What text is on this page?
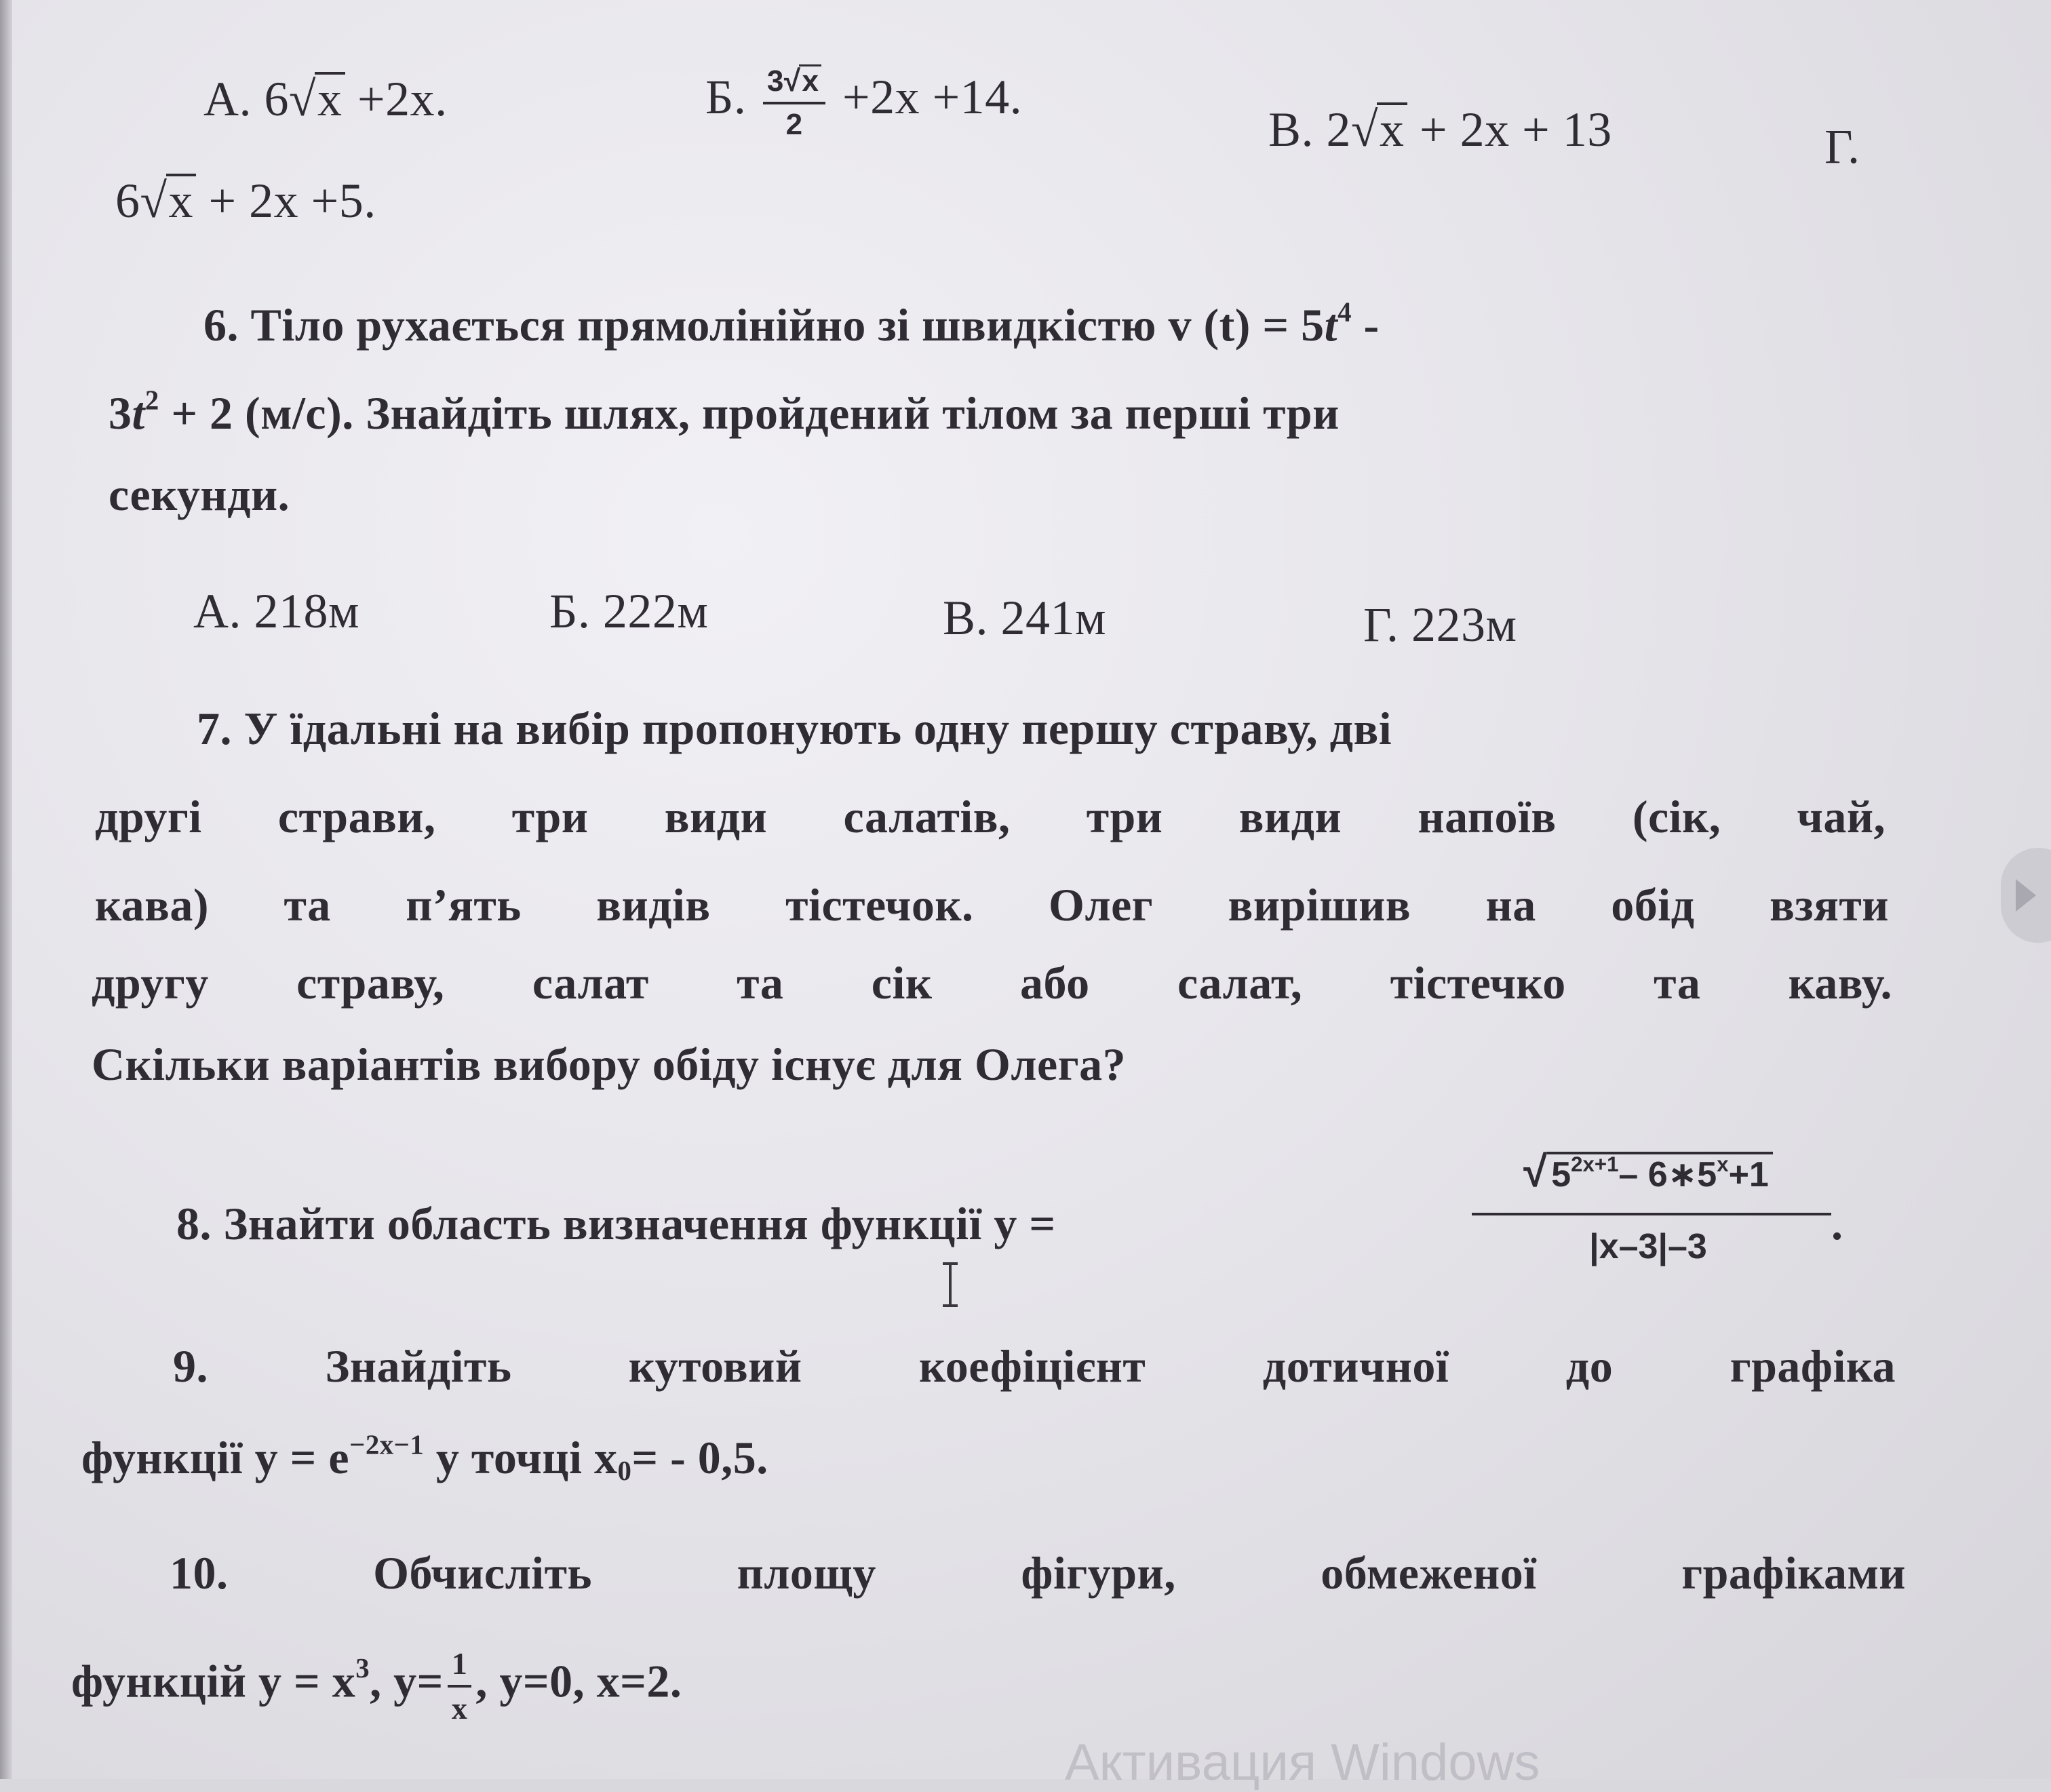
А. 6√x +2x.	Б. $\frac{3√x}{2} +2x +14$.
В. 2√x + 2x + 13	Г.
6√x + 2x +5.
6. Тіло рухається прямолінійно зі швидкістю v $(t) = 5t^4$ -
$3t^2 + 2$ (м/с). Знайдіть шлях, пройдений тілом за перші три
секунди.
А. 218м	Б. 222м	В. 241м	Г. 223м
7. У їдальні на вибір пропонують одну першу страву, дві
другі страви, три види салатів, три види напоїв (сік, чай,
кава) та п’ять видів тістечок. Олег вирішив на обід взяти
другу страву, салат та сік або салат, тістечко та каву.
Скільки варіантів вибору обіду існує для Олега?
8. Знайти область визначення функції y =
√ $5^{2x+1}-$ $6∗5^x+1$
|x–3|–3	.
9. Знайдіть кутовий коефіцієнт дотичної до графіка
функції $y = e^{-2x-1}$ у точці $x_0= - 0,5$.
10. Обчисліть площу фігури, обмеженої графіками
функцій $y = x^3$, $y= \frac{1}{x}$ , y=0, x=2.
Активация Windows
